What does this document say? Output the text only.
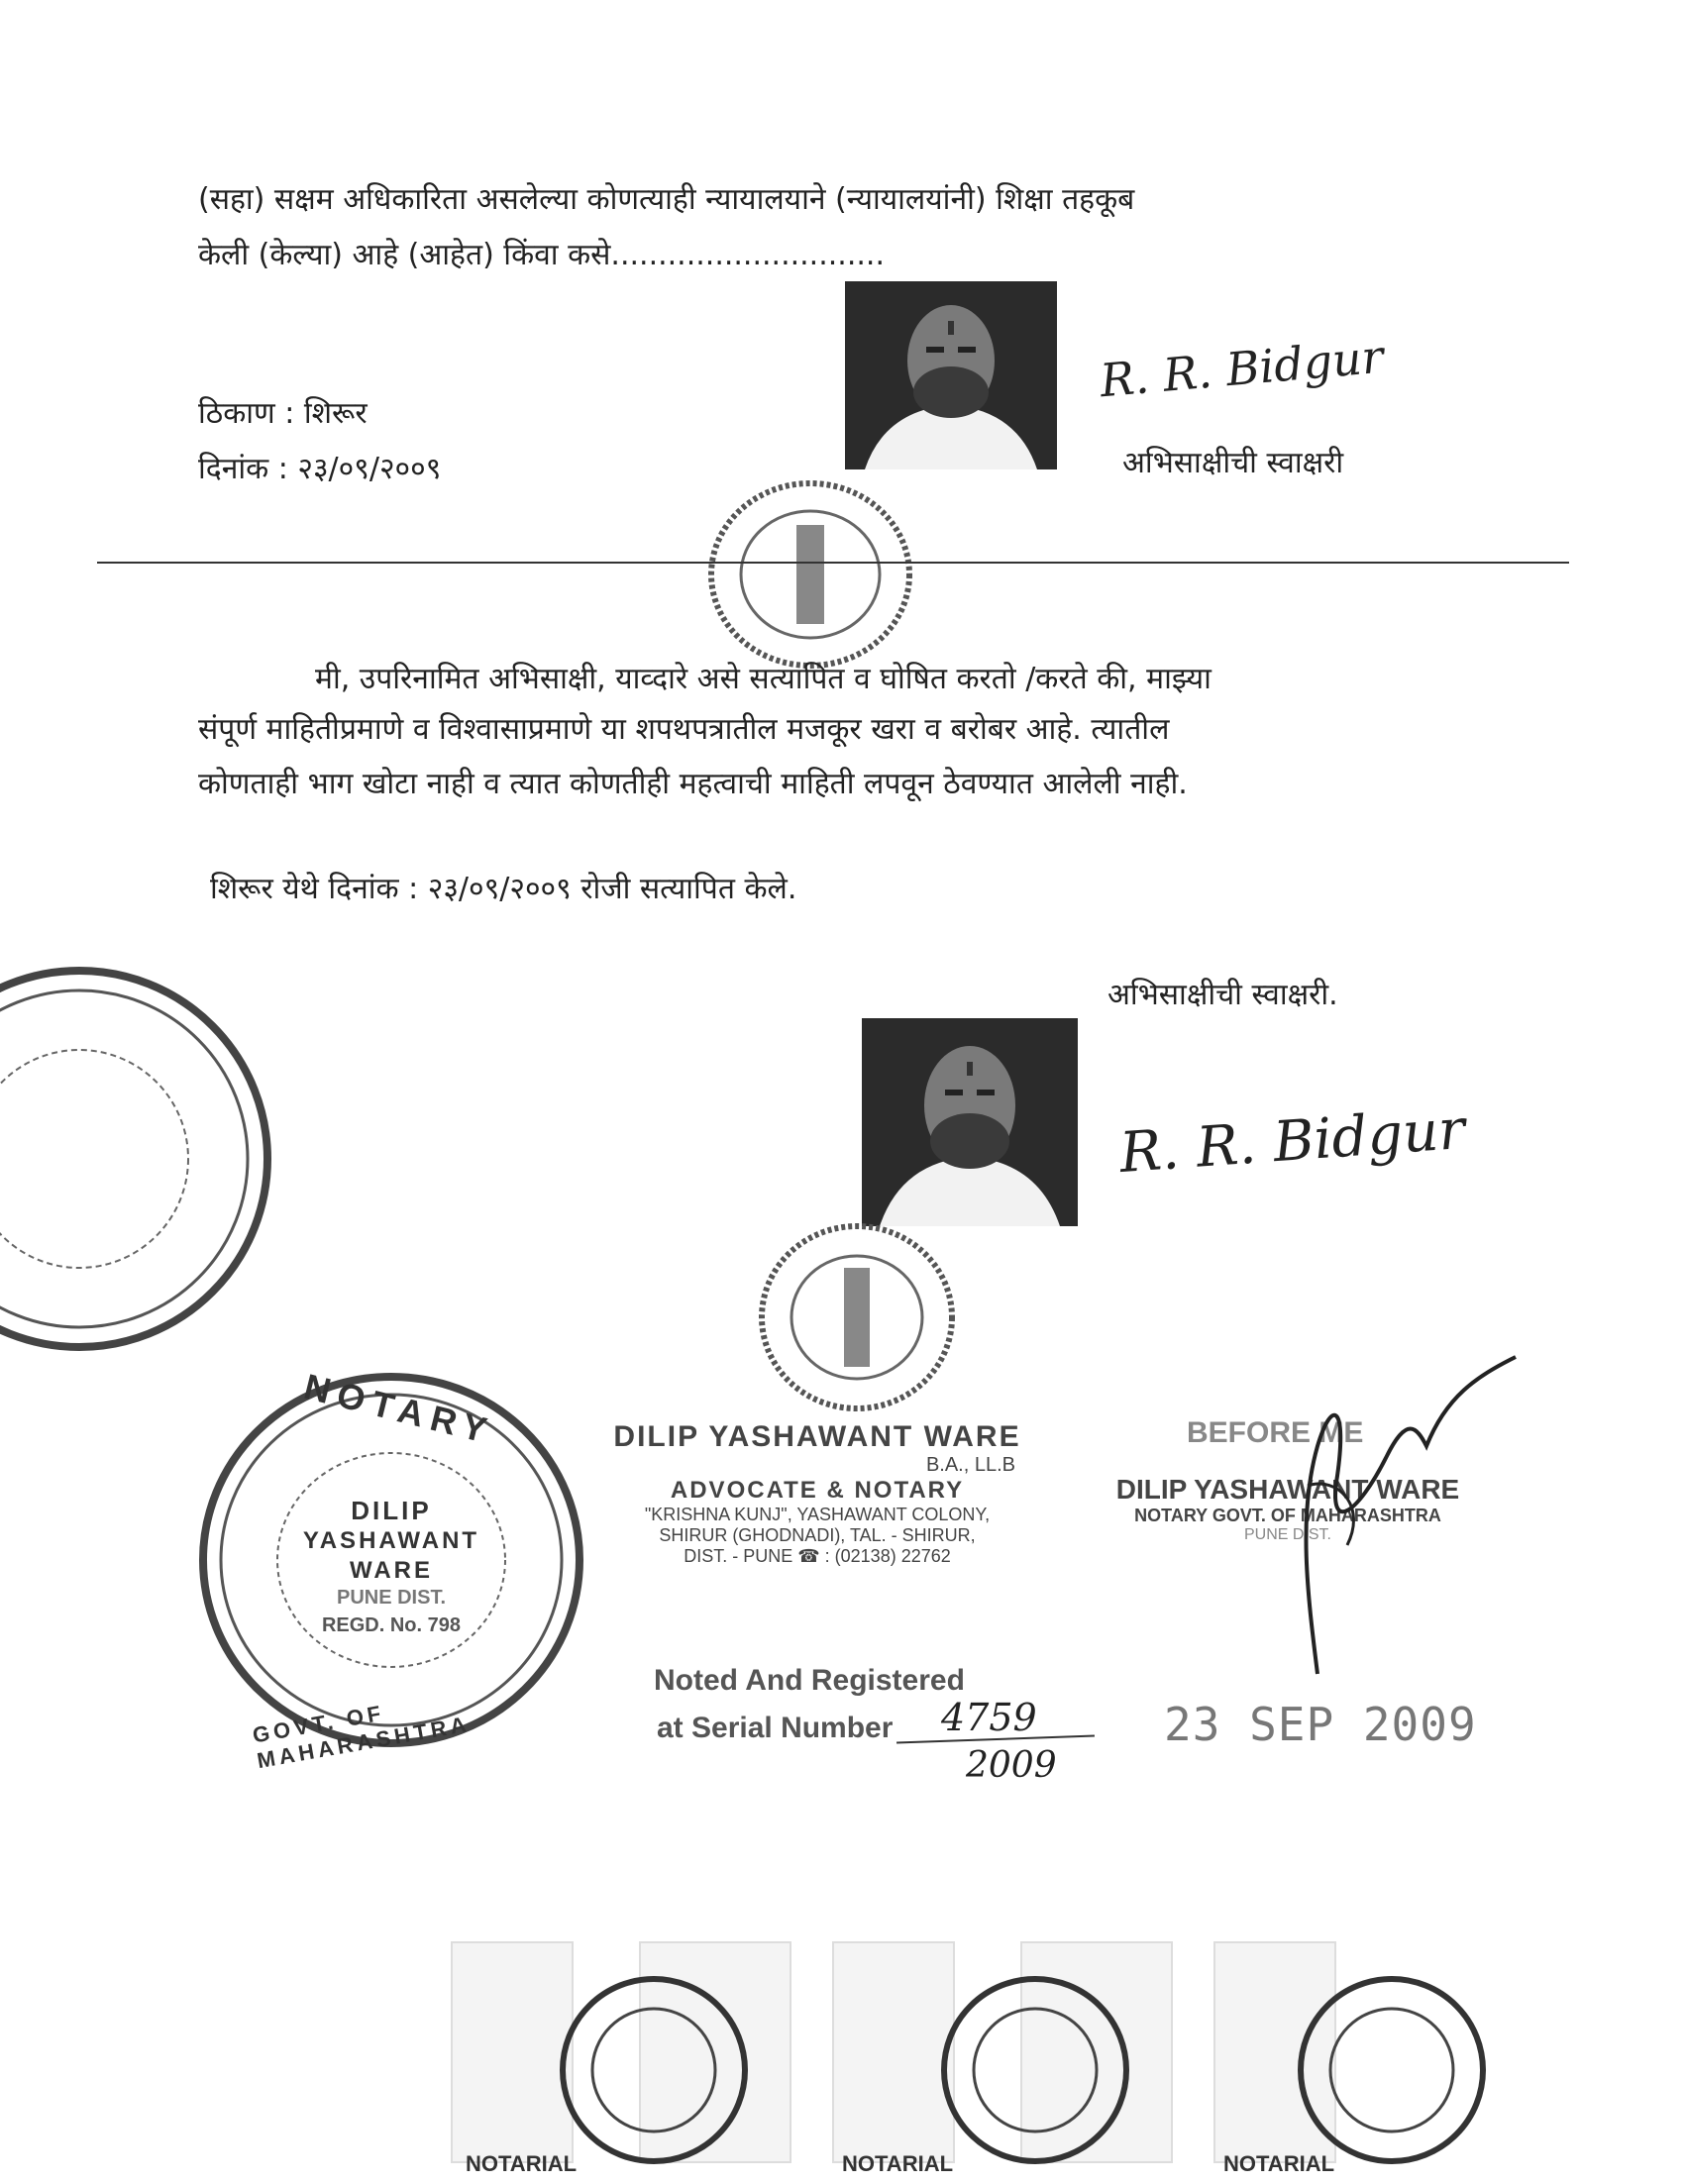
(सहा) सक्षम अधिकारिता असलेल्या कोणत्याही न्यायालयाने (न्यायालयांनी) शिक्षा तहकूब
केली (केल्या) आहे (आहेत) किंवा कसे.............................
ठिकाण : शिरूर
दिनांक : २३/०९/२००९
R. R. Bidgur
अभिसाक्षीची स्वाक्षरी
मी, उपरिनामित अभिसाक्षी, याव्दारे असे सत्यापित व घोषित करतो /करते की, माझ्या
संपूर्ण माहितीप्रमाणे व विश्वासाप्रमाणे या शपथपत्रातील मजकूर खरा व बरोबर आहे. त्यातील
कोणताही भाग खोटा नाही व त्यात कोणतीही महत्वाची माहिती लपवून ठेवण्यात आलेली नाही.
शिरूर येथे दिनांक : २३/०९/२००९ रोजी सत्यापित केले.
अभिसाक्षीची स्वाक्षरी.
R. R. Bidgur
NOTARY
DILIP
YASHAWANT
WARE
PUNE DIST.
REGD. No. 798
GOVT. OF MAHARASHTRA
DILIP YASHAWANT WARE
B.A., LL.B
ADVOCATE & NOTARY
"KRISHNA KUNJ", YASHAWANT COLONY,
SHIRUR (GHODNADI), TAL. - SHIRUR,
DIST. - PUNE ☎ : (02138) 22762
BEFORE ME
DILIP YASHAWANT WARE
NOTARY GOVT. OF MAHARASHTRA
PUNE DIST.
Noted And Registered
at Serial Number 4759
2009
23 SEP 2009
NOTARIAL	NOTARIAL	NOTARIAL
